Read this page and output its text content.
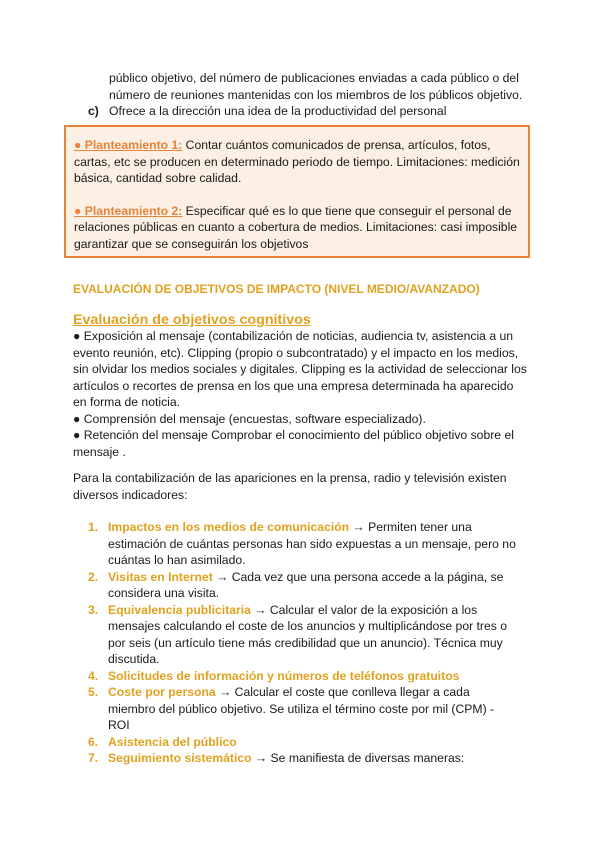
público objetivo, del número de publicaciones enviadas a cada público o del número de reuniones mantenidas con los miembros de los públicos objetivo.

c) Ofrece a la dirección una idea de la productividad del personal

● Planteamiento 1: Contar cuántos comunicados de prensa, artículos, fotos, cartas, etc se producen en determinado periodo de tiempo. Limitaciones: medición básica, cantidad sobre calidad.

● Planteamiento 2: Especificar qué es lo que tiene que conseguir el personal de relaciones públicas en cuanto a cobertura de medios. Limitaciones: casi imposible garantizar que se conseguirán los objetivos

EVALUACIÓN DE OBJETIVOS DE IMPACTO (NIVEL MEDIO/AVANZADO)
Evaluación de objetivos cognitivos
● Exposición al mensaje (contabilización de noticias, audiencia tv, asistencia a un evento reunión, etc). Clipping (propio o subcontratado) y el impacto en los medios, sin olvidar los medios sociales y digitales. Clipping es la actividad de seleccionar los artículos o recortes de prensa en los que una empresa determinada ha aparecido en forma de noticia.
● Comprensión del mensaje (encuestas, software especializado).
● Retención del mensaje Comprobar el conocimiento del público objetivo sobre el mensaje .

Para la contabilización de las apariciones en la prensa, radio y televisión existen diversos indicadores:

1. Impactos en los medios de comunicación → Permiten tener una estimación de cuántas personas han sido expuestas a un mensaje, pero no cuántas lo han asimilado.
2. Visitas en Internet → Cada vez que una persona accede a la página, se considera una visita.
3. Equivalencia publicitaria → Calcular el valor de la exposición a los mensajes calculando el coste de los anuncios y multiplicándose por tres o por seis (un artículo tiene más credibilidad que un anuncio). Técnica muy discutida.
4. Solicitudes de información y números de teléfonos gratuitos
5. Coste por persona → Calcular el coste que conlleva llegar a cada miembro del público objetivo. Se utiliza el término coste por mil (CPM) - ROI
6. Asistencia del público
7. Seguimiento sistemático → Se manifiesta de diversas maneras:
